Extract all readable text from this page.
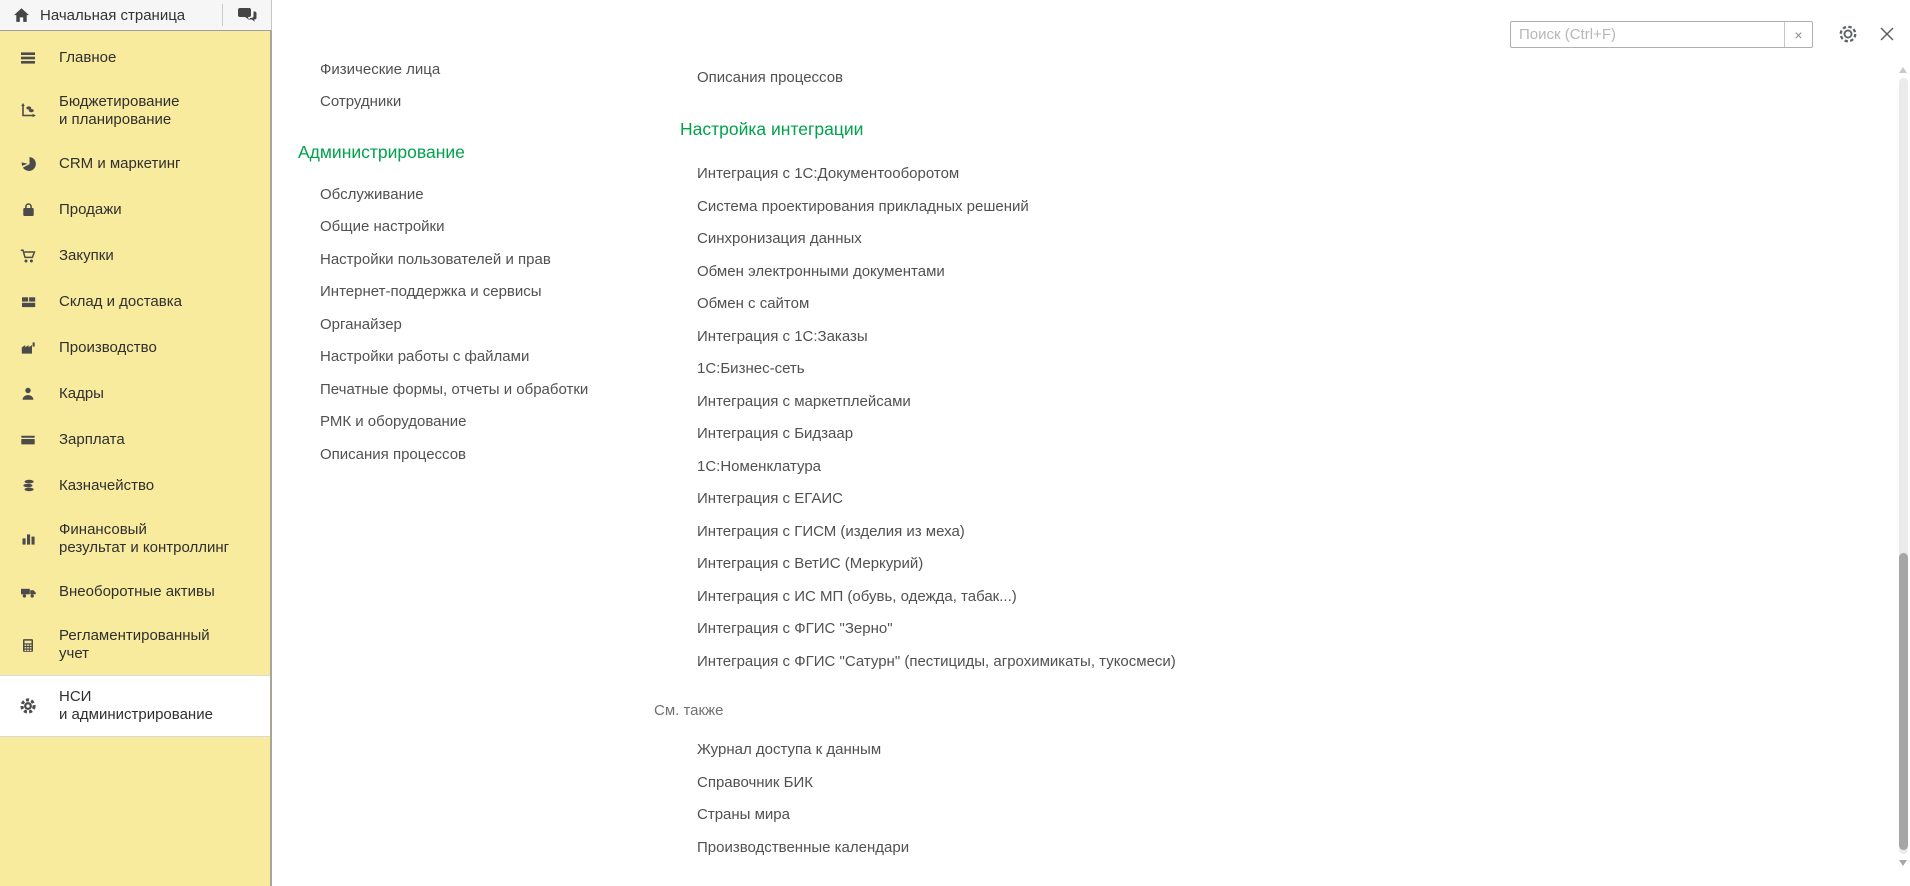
Начальная страница
Главное
Бюджетирование
и планирование
CRM и маркетинг
Продажи
Закупки
Склад и доставка
Производство
Кадры
Зарплата
Казначейство
Финансовый
результат и контроллинг
Внеоборотные активы
Регламентированный
учет
НСИ
и администрирование
Поиск (Ctrl+F)
×
Физические лица
Сотрудники
Администрирование
Обслуживание
Общие настройки
Настройки пользователей и прав
Интернет-поддержка и сервисы
Органайзер
Настройки работы с файлами
Печатные формы, отчеты и обработки
РМК и оборудование
Описания процессов
Описания процессов
Настройка интеграции
Интеграция с 1С:Документооборотом
Система проектирования прикладных решений
Синхронизация данных
Обмен электронными документами
Обмен с сайтом
Интеграция с 1С:Заказы
1С:Бизнес-сеть
Интеграция с маркетплейсами
Интеграция с Бидзаар
1С:Номенклатура
Интеграция с ЕГАИС
Интеграция с ГИСМ (изделия из меха)
Интеграция с ВетИС (Меркурий)
Интеграция с ИС МП (обувь, одежда, табак...)
Интеграция с ФГИС "Зерно"
Интеграция с ФГИС "Сатурн" (пестициды, агрохимикаты, тукосмеси)
См. также
Журнал доступа к данным
Справочник БИК
Страны мира
Производственные календари
